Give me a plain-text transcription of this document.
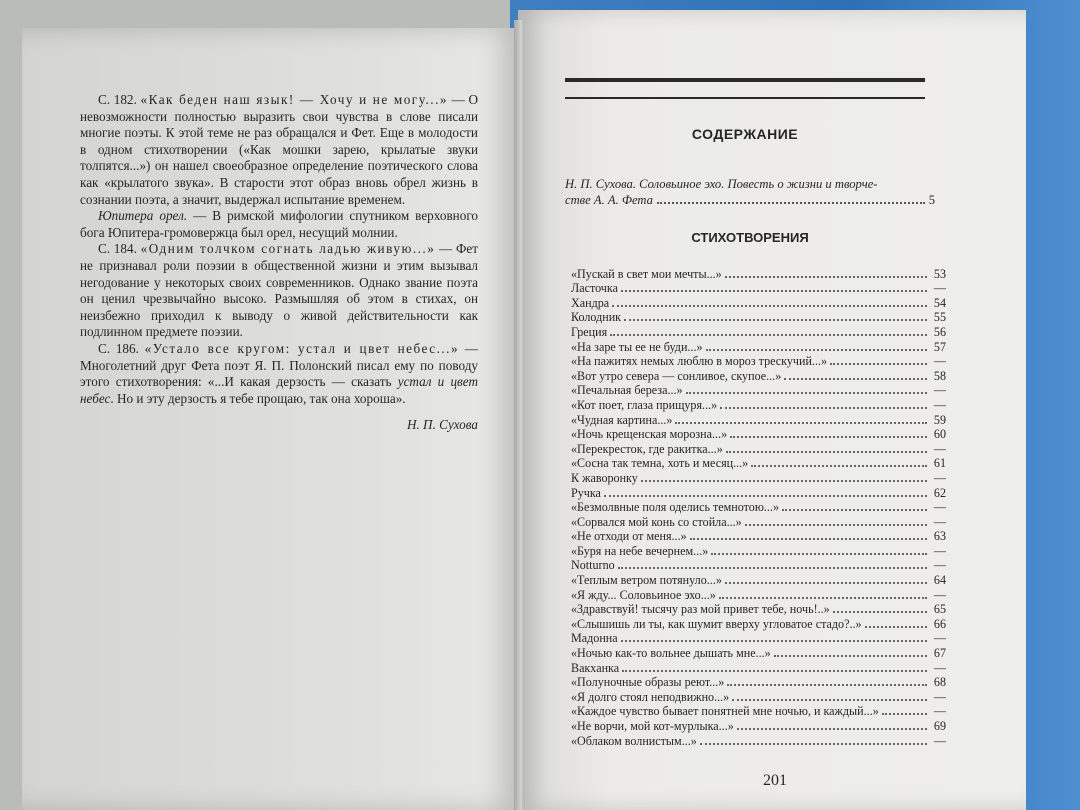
С. 182. «Как беден наш язык! — Хочу и не могу...» — О невозможности полностью выразить свои чувства в слове писали многие поэты. К этой теме не раз обращался и Фет. Еще в молодости в одном стихотворении («Как мошки зарею, крылатые звуки толпятся...») он нашел своеобразное определение поэтического слова как «крылатого звука». В старости этот образ вновь обрел жизнь в сознании поэта, а значит, выдержал испытание временем.

Юпитера орел. — В римской мифологии спутником верховного бога Юпитера-громовержца был орел, несущий молнии.

С. 184. «Одним толчком согнать ладью живую...» — Фет не признавал роли поэзии в общественной жизни и этим вызывал негодование у некоторых своих современников. Однако звание поэта он ценил чрезвычайно высоко. Размышляя об этом в стихах, он неизбежно приходил к выводу о живой действительности как подлинном предмете поэзии.

С. 186. «Устало все кругом: устал и цвет небес...» — Многолетний друг Фета поэт Я. П. Полонский писал ему по поводу этого стихотворения: «...И какая дерзость — сказать устал и цвет небес. Но и эту дерзость я тебе прощаю, так она хороша».

Н. П. Сухова

СОДЕРЖАНИЕ
Н. П. Сухова. Соловьиное эхо. Повесть о жизни и творче-
стве А. А. Фета	5
СТИХОТВОРЕНИЯ
«Пускай в свет мои мечты...»	53
Ласточка	—
Хандра	54
Колодник	55
Греция	56
«На заре ты ее не буди...»	57
«На пажитях немых люблю в мороз трескучий...»	—
«Вот утро севера — сонливое, скупое...»	58
«Печальная береза...»	—
«Кот поет, глаза прищуря...»	—
«Чудная картина...»	59
«Ночь крещенская морозна...»	60
«Перекресток, где ракитка...»	—
«Сосна так темна, хоть и месяц...»	61
К жаворонку	—
Ручка	62
«Безмолвные поля оделись темнотою...»	—
«Сорвался мой конь со стойла...»	—
«Не отходи от меня...»	63
«Буря на небе вечернем...»	—
Notturno	—
«Теплым ветром потянуло...»	64
«Я жду... Соловьиное эхо...»	—
«Здравствуй! тысячу раз мой привет тебе, ночь!..»	65
«Слышишь ли ты, как шумит вверху угловатое стадо?..»	66
Мадонна	—
«Ночью как-то вольнее дышать мне...»	67
Вакханка	—
«Полуночные образы реют...»	68
«Я долго стоял неподвижно...»	—
«Каждое чувство бывает понятней мне ночью, и каждый...»	—
«Не ворчи, мой кот-мурлыка...»	69
«Облаком волнистым...»	—
201
